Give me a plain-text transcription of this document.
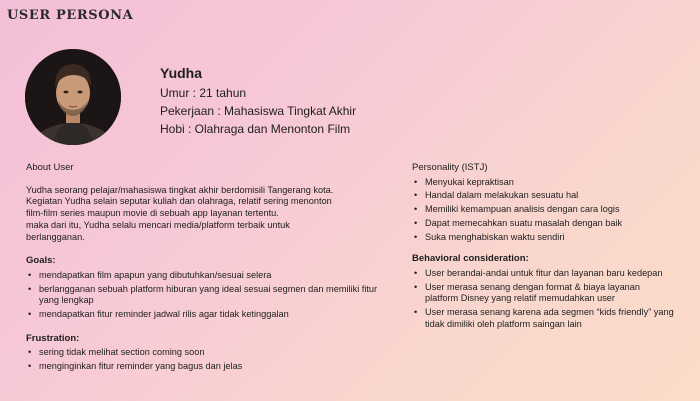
USER PERSONA
Yudha
Umur : 21 tahun
Pekerjaan : Mahasiswa Tingkat Akhir
Hobi : Olahraga dan Menonton Film
About User

Yudha seorang pelajar/mahasiswa tingkat akhir berdomisili Tangerang kota.

Kegiatan Yudha selain seputar kuliah dan olahraga, relatif sering menonton

film-film series maupun movie di sebuah app layanan tertentu.

maka dari itu, Yudha selalu mencari media/platform terbaik untuk

berlangganan.

Goals:
• mendapatkan film apapun yang dibutuhkan/sesuai selera
• berlangganan sebuah platform hiburan yang ideal sesuai segmen dan memiliki fitur yang lengkap
• mendapatkan fitur reminder jadwal rilis agar tidak ketinggalan
Frustration:
• sering tidak melihat section coming soon
• menginginkan fitur reminder yang bagus dan jelas
Personality (ISTJ)
• Menyukai kepraktisan
• Handal dalam melakukan sesuatu hal
• Memiliki kemampuan analisis dengan cara logis
• Dapat memecahkan suatu masalah dengan baik
• Suka menghabiskan waktu sendiri
Behavioral consideration:
• User berandai-andai untuk fitur dan layanan baru kedepan
• User merasa senang dengan format & biaya layanan platform Disney yang relatif memudahkan user
• User merasa senang karena ada segmen “kids friendly” yang tidak dimiliki oleh platform saingan lain
